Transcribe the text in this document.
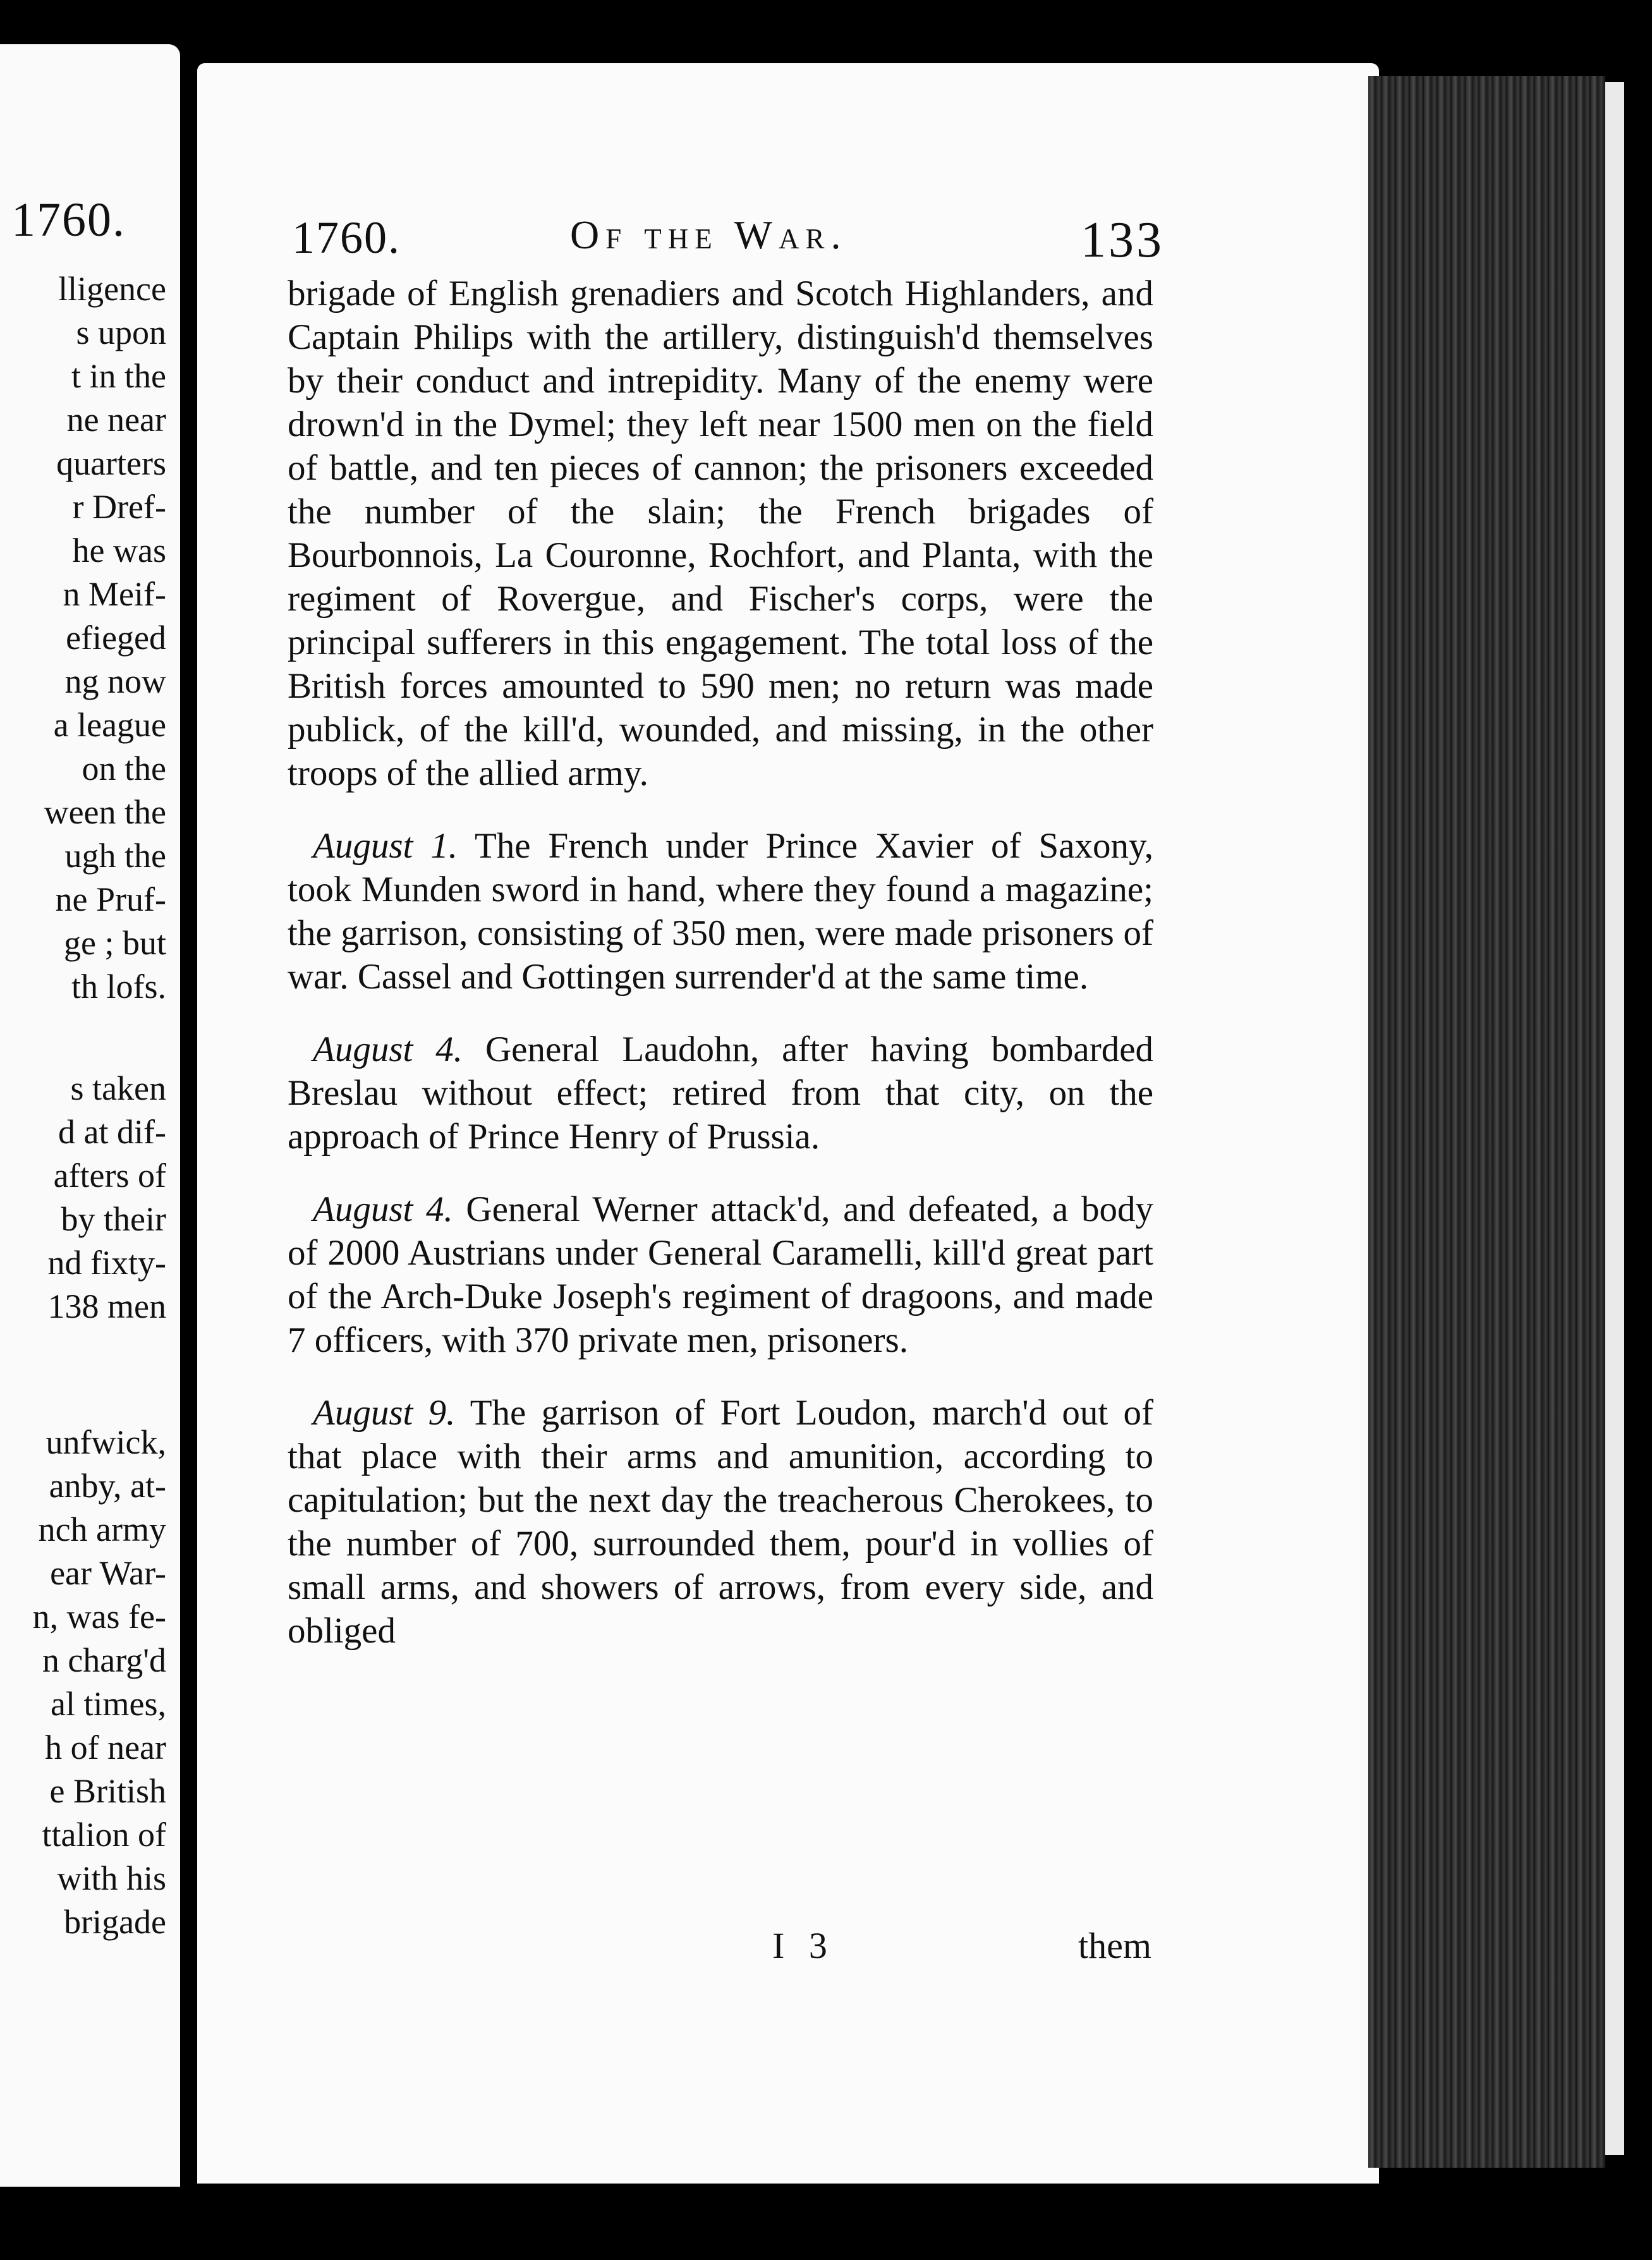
1760.
lligence
s upon
t in the
ne near
quarters
r Dref-
he was
n Meif-
efieged
ng now
a league
on the
ween the
ugh the
ne Pruf-
ge ; but
th lofs.
s taken
d at dif-
afters of
by their
nd fixty-
138 men
unfwick,
anby, at-
nch army
ear War-
n, was fe-
n charg'd
al times,
h of near
e British
ttalion of
with his
brigade
1760.	Of the War.	133

brigade of English grenadiers and Scotch Highlanders, and Captain Philips with the artillery, distinguish'd themselves by their conduct and intrepidity. Many of the enemy were drown'd in the Dymel; they left near 1500 men on the field of battle, and ten pieces of cannon; the prisoners exceeded the number of the slain; the French brigades of Bourbonnois, La Couronne, Rochfort, and Planta, with the regiment of Rovergue, and Fischer's corps, were the principal sufferers in this engagement. The total loss of the British forces amounted to 590 men; no return was made publick, of the kill'd, wounded, and missing, in the other troops of the allied army.

August 1. The French under Prince Xavier of Saxony, took Munden sword in hand, where they found a magazine; the garrison, consisting of 350 men, were made prisoners of war. Cassel and Gottingen surrender'd at the same time.

August 4. General Laudohn, after having bombarded Breslau without effect; retired from that city, on the approach of Prince Henry of Prussia.

August 4. General Werner attack'd, and defeated, a body of 2000 Austrians under General Caramelli, kill'd great part of the Arch-Duke Joseph's regiment of dragoons, and made 7 officers, with 370 private men, prisoners.

August 9. The garrison of Fort Loudon, march'd out of that place with their arms and amunition, according to capitulation; but the next day the treacherous Cherokees, to the number of 700, surrounded them, pour'd in vollies of small arms, and showers of arrows, from every side, and obliged

I 3	them
